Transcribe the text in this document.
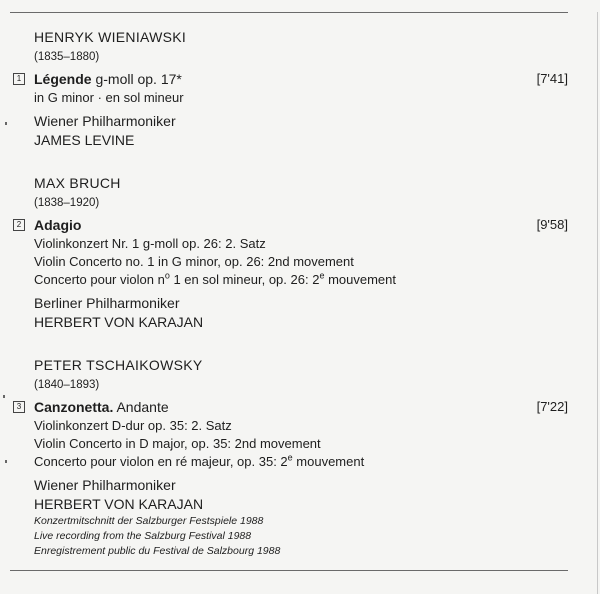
HENRYK WIENIAWSKI
(1835–1880)
1 Légende g-moll op. 17*	[7'41]
in G minor · en sol mineur
Wiener Philharmoniker
JAMES LEVINE
MAX BRUCH
(1838–1920)
2 Adagio	[9'58]
Violinkonzert Nr. 1 g-moll op. 26: 2. Satz
Violin Concerto no. 1 in G minor, op. 26: 2nd movement
Concerto pour violon $n^o$ 1 en sol mineur, op. 26: 2e mouvement
Berliner Philharmoniker
HERBERT VON KARAJAN
PETER TSCHAIKOWSKY
(1840–1893)
3 Canzonetta. Andante	[7'22]
Violinkonzert D-dur op. 35: 2. Satz
Violin Concerto in D major, op. 35: 2nd movement
Concerto pour violon en ré majeur, op. 35: 2e mouvement
Wiener Philharmoniker
HERBERT VON KARAJAN
Konzertmitschnitt der Salzburger Festspiele 1988
Live recording from the Salzburg Festival 1988
Enregistrement public du Festival de Salzbourg 1988
